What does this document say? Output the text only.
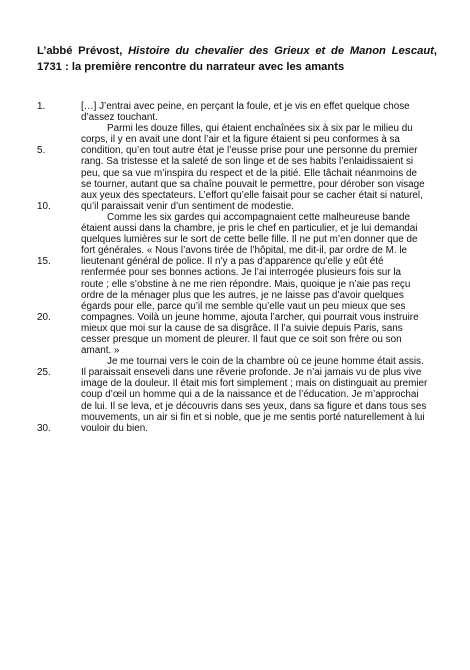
L’abbé Prévost, Histoire du chevalier des Grieux et de Manon Lescaut, 1731 : la première rencontre du narrateur avec les amants
1.	[…] J’entrai avec peine, en perçant la foule, et je vis en effet quelque chose
d’assez touchant.
Parmi les douze filles, qui étaient enchaînées six à six par le milieu du
corps, il y en avait une dont l’air et la figure étaient si peu conformes à sa
5.	condition, qu’en tout autre état je l’eusse prise pour une personne du premier
rang. Sa tristesse et la saleté de son linge et de ses habits l’enlaidissaient si
peu, que sa vue m’inspira du respect et de la pitié. Elle tâchait néanmoins de
se tourner, autant que sa chaîne pouvait le permettre, pour dérober son visage
aux yeux des spectateurs. L’effort qu’elle faisait pour se cacher était si naturel,
10.	qu’il paraissait venir d’un sentiment de modestie.
Comme les six gardes qui accompagnaient cette malheureuse bande
étaient aussi dans la chambre, je pris le chef en particulier, et je lui demandai
quelques lumières sur le sort de cette belle fille. Il ne put m’en donner que de
fort générales. « Nous l’avons tirée de l’hôpital, me dit-il, par ordre de M. le
15.	lieutenant général de police. Il n’y a pas d’apparence qu’elle y eût été
renfermée pour ses bonnes actions. Je l’ai interrogée plusieurs fois sur la
route ; elle s’obstine à ne me rien répondre. Mais, quoique je n’aie pas reçu
ordre de la ménager plus que les autres, je ne laisse pas d’avoir quelques
égards pour elle, parce qu’il me semble qu’elle vaut un peu mieux que ses
20.	compagnes. Voilà un jeune homme, ajouta l’archer, qui pourrait vous instruire
mieux que moi sur la cause de sa disgrâce. Il l’a suivie depuis Paris, sans
cesser presque un moment de pleurer. Il faut que ce soit son frère ou son
amant. »
Je me tournai vers le coin de la chambre où ce jeune homme était assis.
25.	Il paraissait enseveli dans une rêverie profonde. Je n’ai jamais vu de plus vive
image de la douleur. Il était mis fort simplement ; mais on distinguait au premier
coup d’œil un homme qui a de la naissance et de l’éducation. Je m’approchai
de lui. Il se leva, et je découvris dans ses yeux, dans sa figure et dans tous ses
mouvements, un air si fin et si noble, que je me sentis porté naturellement à lui
30.	vouloir du bien.
